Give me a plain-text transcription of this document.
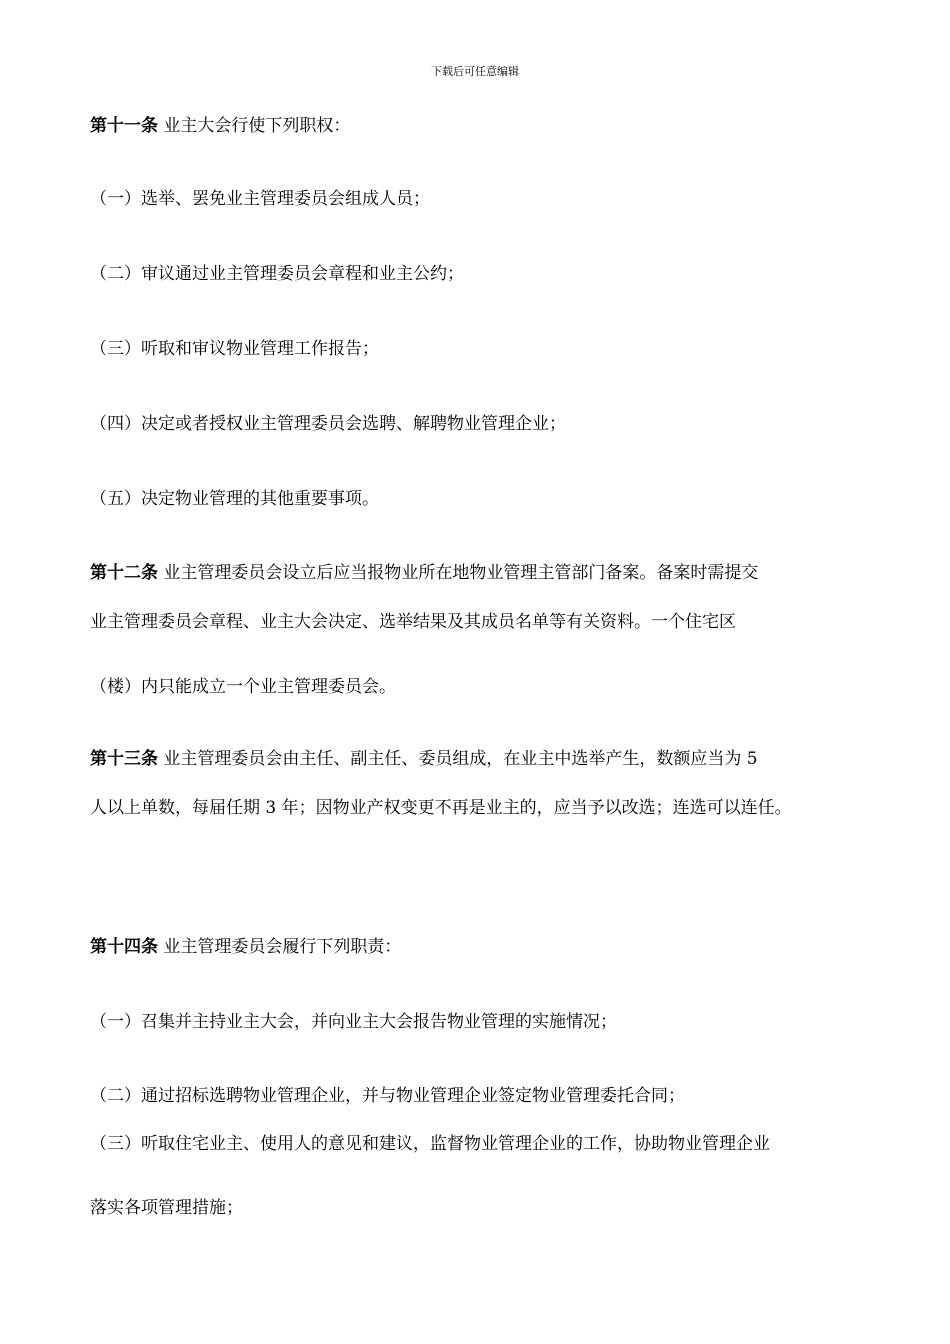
下载后可任意编辑
第十一条 业主大会行使下列职权：
（一）选举、罢免业主管理委员会组成人员；
（二）审议通过业主管理委员会章程和业主公约；
（三）听取和审议物业管理工作报告；
（四）决定或者授权业主管理委员会选聘、解聘物业管理企业；
（五）决定物业管理的其他重要事项。
第十二条 业主管理委员会设立后应当报物业所在地物业管理主管部门备案。备案时需提交
业主管理委员会章程、业主大会决定、选举结果及其成员名单等有关资料。一个住宅区
（楼）内只能成立一个业主管理委员会。
第十三条 业主管理委员会由主任、副主任、委员组成，在业主中选举产生，数额应当为 5
人以上单数，每届任期 3 年；因物业产权变更不再是业主的，应当予以改选；连选可以连任。
第十四条 业主管理委员会履行下列职责：
（一）召集并主持业主大会，并向业主大会报告物业管理的实施情况；
（二）通过招标选聘物业管理企业，并与物业管理企业签定物业管理委托合同；
（三）听取住宅业主、使用人的意见和建议，监督物业管理企业的工作，协助物业管理企业
落实各项管理措施；
